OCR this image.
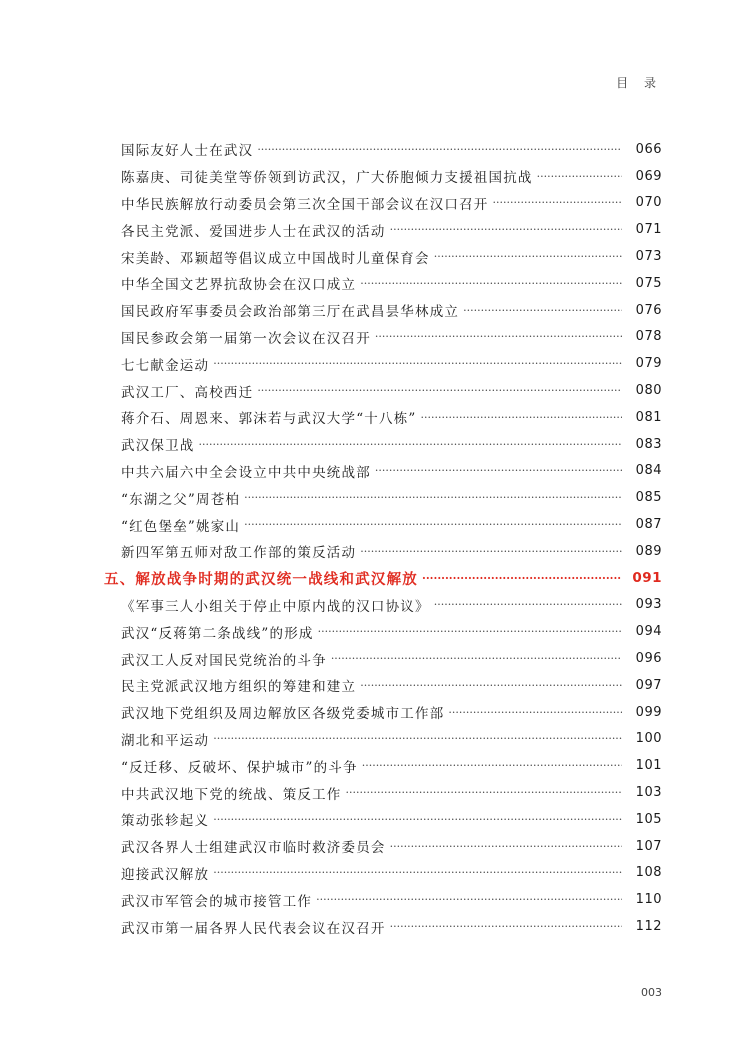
目 录
国际友好人士在武汉 ·····	066
陈嘉庚、司徒美堂等侨领到访武汉，广大侨胞倾力支援祖国抗战 ·····	069
中华民族解放行动委员会第三次全国干部会议在汉口召开 ·····	070
各民主党派、爱国进步人士在武汉的活动 ·····	071
宋美龄、邓颖超等倡议成立中国战时儿童保育会 ·····	073
中华全国文艺界抗敌协会在汉口成立 ·····	075
国民政府军事委员会政治部第三厅在武昌昙华林成立 ·····	076
国民参政会第一届第一次会议在汉召开 ·····	078
七七献金运动 ·····	079
武汉工厂、高校西迁 ·····	080
蒋介石、周恩来、郭沫若与武汉大学“十八栋” ·····	081
武汉保卫战 ·····	083
中共六届六中全会设立中共中央统战部 ·····	084
“东湖之父”周苍柏 ·····	085
“红色堡垒”姚家山 ·····	087
新四军第五师对敌工作部的策反活动 ·····	089
五、解放战争时期的武汉统一战线和武汉解放 ·····	091
《军事三人小组关于停止中原内战的汉口协议》 ·····	093
武汉“反蒋第二条战线”的形成 ·····	094
武汉工人反对国民党统治的斗争 ·····	096
民主党派武汉地方组织的筹建和建立 ·····	097
武汉地下党组织及周边解放区各级党委城市工作部 ·····	099
湖北和平运动 ·····	100
“反迁移、反破坏、保护城市”的斗争 ·····	101
中共武汉地下党的统战、策反工作 ·····	103
策动张轸起义 ·····	105
武汉各界人士组建武汉市临时救济委员会 ·····	107
迎接武汉解放 ·····	108
武汉市军管会的城市接管工作 ·····	110
武汉市第一届各界人民代表会议在汉召开 ·····	112
003
